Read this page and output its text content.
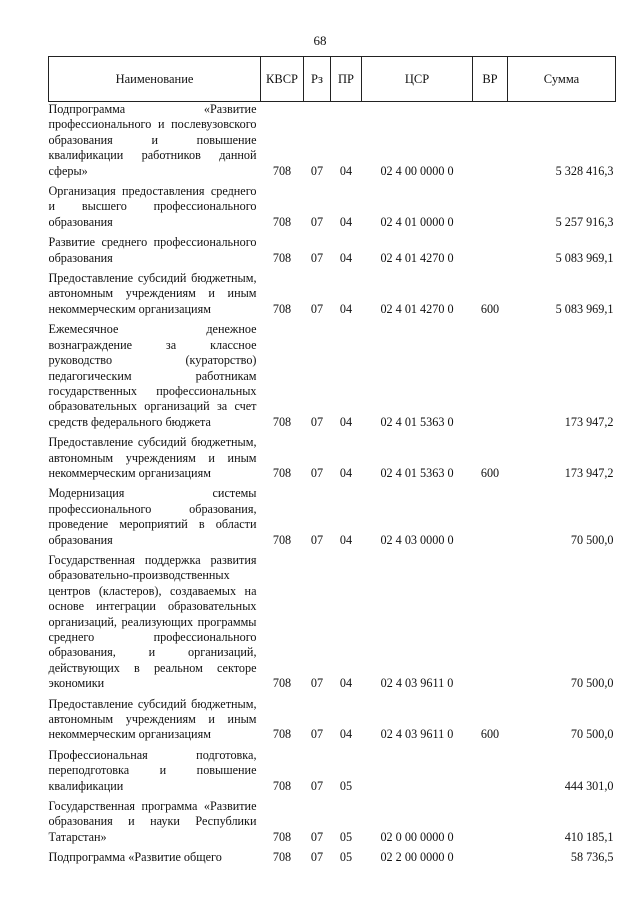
68
Наименование	КВСР	Рз	ПР	ЦСР	ВР	Сумма
Подпрограмма «Развитие профессионального и послевузовского образования и повышение квалификации работников данной сферы»	708	07	04	02 4 00 0000 0		5 328 416,3
Организация предоставления среднего и высшего профессионального образования	708	07	04	02 4 01 0000 0		5 257 916,3
Развитие среднего профессионального образования	708	07	04	02 4 01 4270 0		5 083 969,1
Предоставление субсидий бюджетным, автономным учреждениям и иным некоммерческим организациям	708	07	04	02 4 01 4270 0	600	5 083 969,1
Ежемесячное денежное вознаграждение за классное руководство (кураторство) педагогическим работникам государственных профессиональных образовательных организаций за счет средств федерального бюджета	708	07	04	02 4 01 5363 0		173 947,2
Предоставление субсидий бюджетным, автономным учреждениям и иным некоммерческим организациям	708	07	04	02 4 01 5363 0	600	173 947,2
Модернизация системы профессионального образования, проведение мероприятий в области образования	708	07	04	02 4 03 0000 0		70 500,0
Государственная поддержка развития образовательно-производственных центров (кластеров), создаваемых на основе интеграции образовательных организаций, реализующих программы среднего профессионального образования, и организаций, действующих в реальном секторе экономики	708	07	04	02 4 03 9611 0		70 500,0
Предоставление субсидий бюджетным, автономным учреждениям и иным некоммерческим организациям	708	07	04	02 4 03 9611 0	600	70 500,0
Профессиональная подготовка, переподготовка и повышение квалификации	708	07	05			444 301,0
Государственная программа «Развитие образования и науки Республики Татарстан»	708	07	05	02 0 00 0000 0		410 185,1
Подпрограмма «Развитие общего	708	07	05	02 2 00 0000 0		58 736,5
